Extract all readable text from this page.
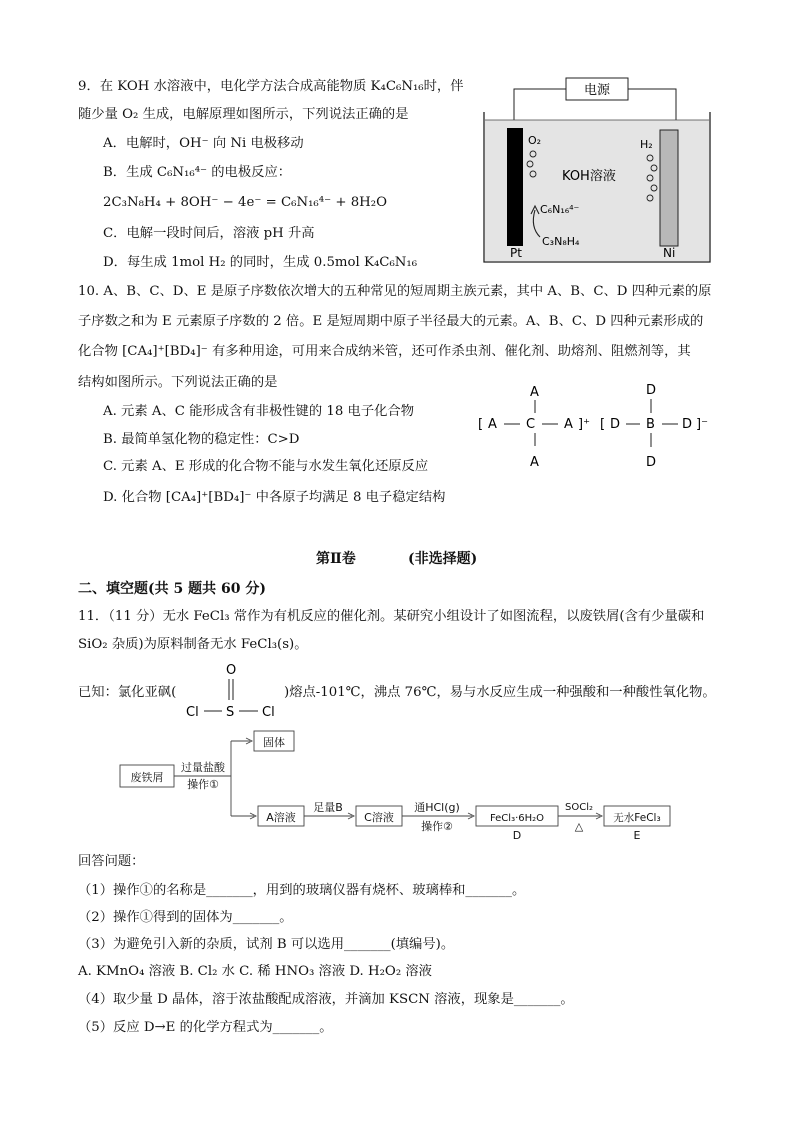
9．在 KOH 水溶液中，电化学方法合成高能物质 K₄C₆N₁₆时，伴
随少量 O₂ 生成，电解原理如图所示，下列说法正确的是
A．电解时，OH⁻ 向 Ni 电极移动
B．生成 C₆N₁₆⁴⁻ 的电极反应：
2C₃N₈H₄ + 8OH⁻ − 4e⁻ = C₆N₁₆⁴⁻ + 8H₂O
C．电解一段时间后，溶液 pH 升高
D．每生成 1mol H₂ 的同时，生成 0.5mol K₄C₆N₁₆
电源
O₂	H₂
KOH溶液
C₆N₁₆⁴⁻
C₃N₈H₄
Pt	Ni
10. A、B、C、D、E 是原子序数依次增大的五种常见的短周期主族元素，其中 A、B、C、D 四种元素的原
子序数之和为 E 元素原子序数的 2 倍。E 是短周期中原子半径最大的元素。A、B、C、D 四种元素形成的
化合物 [CA₄]⁺[BD₄]⁻ 有多种用途，可用来合成纳米管，还可作杀虫剂、催化剂、助熔剂、阻燃剂等，其
结构如图所示。下列说法正确的是
A. 元素 A、C 能形成含有非极性键的 18 电子化合物
B. 最简单氢化物的稳定性：C>D
C. 元素 A、E 形成的化合物不能与水发生氧化还原反应
D. 化合物 [CA₄]⁺[BD₄]⁻ 中各原子均满足 8 电子稳定结构
[ A C A ]⁺
A
A
[ D B D ]⁻
D
D
第Ⅱ卷	(非选择题)
二、填空题(共 5 题共 60 分)
11．（11 分）无水 FeCl₃ 常作为有机反应的催化剂。某研究小组设计了如图流程，以废铁屑(含有少量碳和
SiO₂ 杂质)为原料制备无水 FeCl₃(s)。
已知：氯化亚砜(
O
Cl S Cl
)熔点-101℃，沸点 76℃，易与水反应生成一种强酸和一种酸性氧化物。
废铁屑
过量盐酸
操作①
固体
A溶液
足量B
C溶液
通HCl(g)
操作②
FeCl₃·6H₂O
D
SOCl₂
△
无水FeCl₃
E
回答问题：
（1）操作①的名称是_______，用到的玻璃仪器有烧杯、玻璃棒和_______。
（2）操作①得到的固体为_______。
（3）为避免引入新的杂质，试剂 B 可以选用_______(填编号)。
A. KMnO₄ 溶液 B. Cl₂ 水 C. 稀 HNO₃ 溶液 D. H₂O₂ 溶液
（4）取少量 D 晶体，溶于浓盐酸配成溶液，并滴加 KSCN 溶液，现象是_______。
（5）反应 D→E 的化学方程式为_______。
